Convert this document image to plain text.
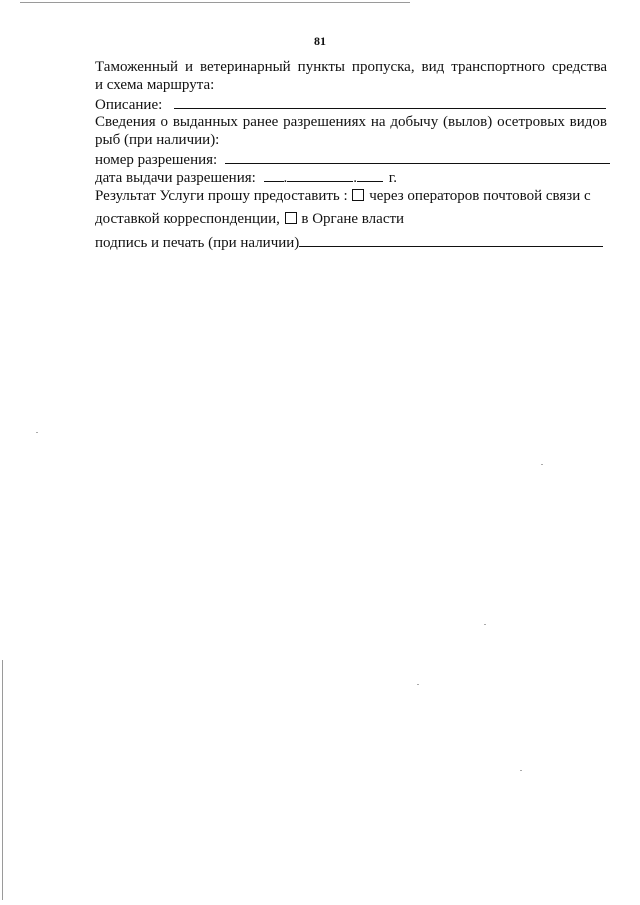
81
Таможенный и ветеринарный пункты пропуска, вид транспортного средства
и схема маршрута:
Описание:
Сведения о выданных ранее разрешениях на добычу (вылов) осетровых видов
рыб (при наличии):
номер разрешения:
дата выдачи разрешения: .	. г.
Результат Услуги прошу предоставить : через операторов почтовой связи с
доставкой корреспонденции, в Органе власти
подпись и печать (при наличии)
